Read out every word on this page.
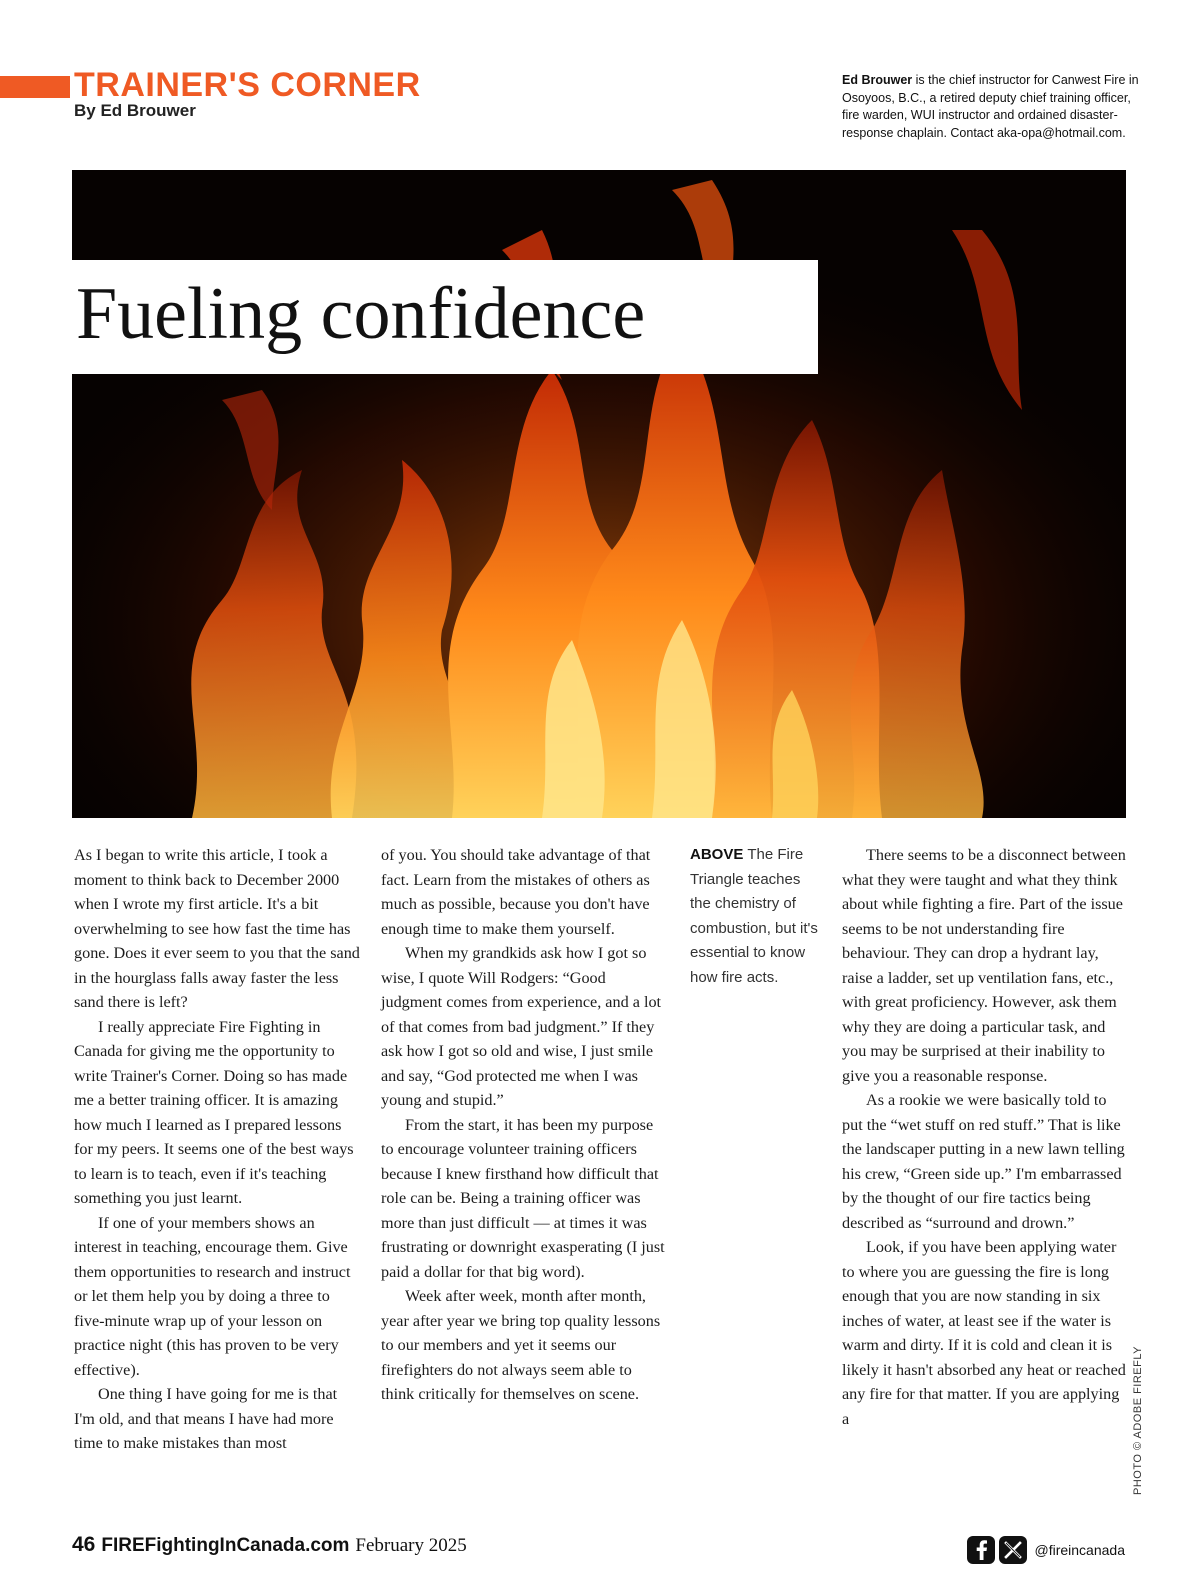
TRAINER'S CORNER
By Ed Brouwer
Ed Brouwer is the chief instructor for Canwest Fire in Osoyoos, B.C., a retired deputy chief training officer, fire warden, WUI instructor and ordained disaster-response chaplain. Contact aka-opa@hotmail.com.
Fueling confidence

As I began to write this article, I took a moment to think back to December 2000 when I wrote my first article. It's a bit overwhelming to see how fast the time has gone. Does it ever seem to you that the sand in the hourglass falls away faster the less sand there is left?

I really appreciate Fire Fighting in Canada for giving me the opportunity to write Trainer's Corner. Doing so has made me a better training officer. It is amazing how much I learned as I prepared lessons for my peers. It seems one of the best ways to learn is to teach, even if it's teaching something you just learnt.

If one of your members shows an interest in teaching, encourage them. Give them opportunities to research and instruct or let them help you by doing a three to five-minute wrap up of your lesson on practice night (this has proven to be very effective).

One thing I have going for me is that I'm old, and that means I have had more time to make mistakes than most

of you. You should take advantage of that fact. Learn from the mistakes of others as much as possible, because you don't have enough time to make them yourself.

When my grandkids ask how I got so wise, I quote Will Rodgers: “Good judgment comes from experience, and a lot of that comes from bad judgment.” If they ask how I got so old and wise, I just smile and say, “God protected me when I was young and stupid.”

From the start, it has been my purpose to encourage volunteer training officers because I knew firsthand how difficult that role can be. Being a training officer was more than just difficult — at times it was frustrating or downright exasperating (I just paid a dollar for that big word).

Week after week, month after month, year after year we bring top quality lessons to our members and yet it seems our firefighters do not always seem able to think critically for themselves on scene.

ABOVE The Fire Triangle teaches the chemistry of combustion, but it's essential to know how fire acts.

There seems to be a disconnect between what they were taught and what they think about while fighting a fire. Part of the issue seems to be not understanding fire behaviour. They can drop a hydrant lay, raise a ladder, set up ventilation fans, etc., with great proficiency. However, ask them why they are doing a particular task, and you may be surprised at their inability to give you a reasonable response.

As a rookie we were basically told to put the “wet stuff on red stuff.” That is like the landscaper putting in a new lawn telling his crew, “Green side up.” I'm embarrassed by the thought of our fire tactics being described as “surround and drown.”

Look, if you have been applying water to where you are guessing the fire is long enough that you are now standing in six inches of water, at least see if the water is warm and dirty. If it is cold and clean it is likely it hasn't absorbed any heat or reached any fire for that matter. If you are applying a	PHOTO © ADOBE FIREFLY
46 FIREFightingInCanada.com February 2025	@fireincanada
